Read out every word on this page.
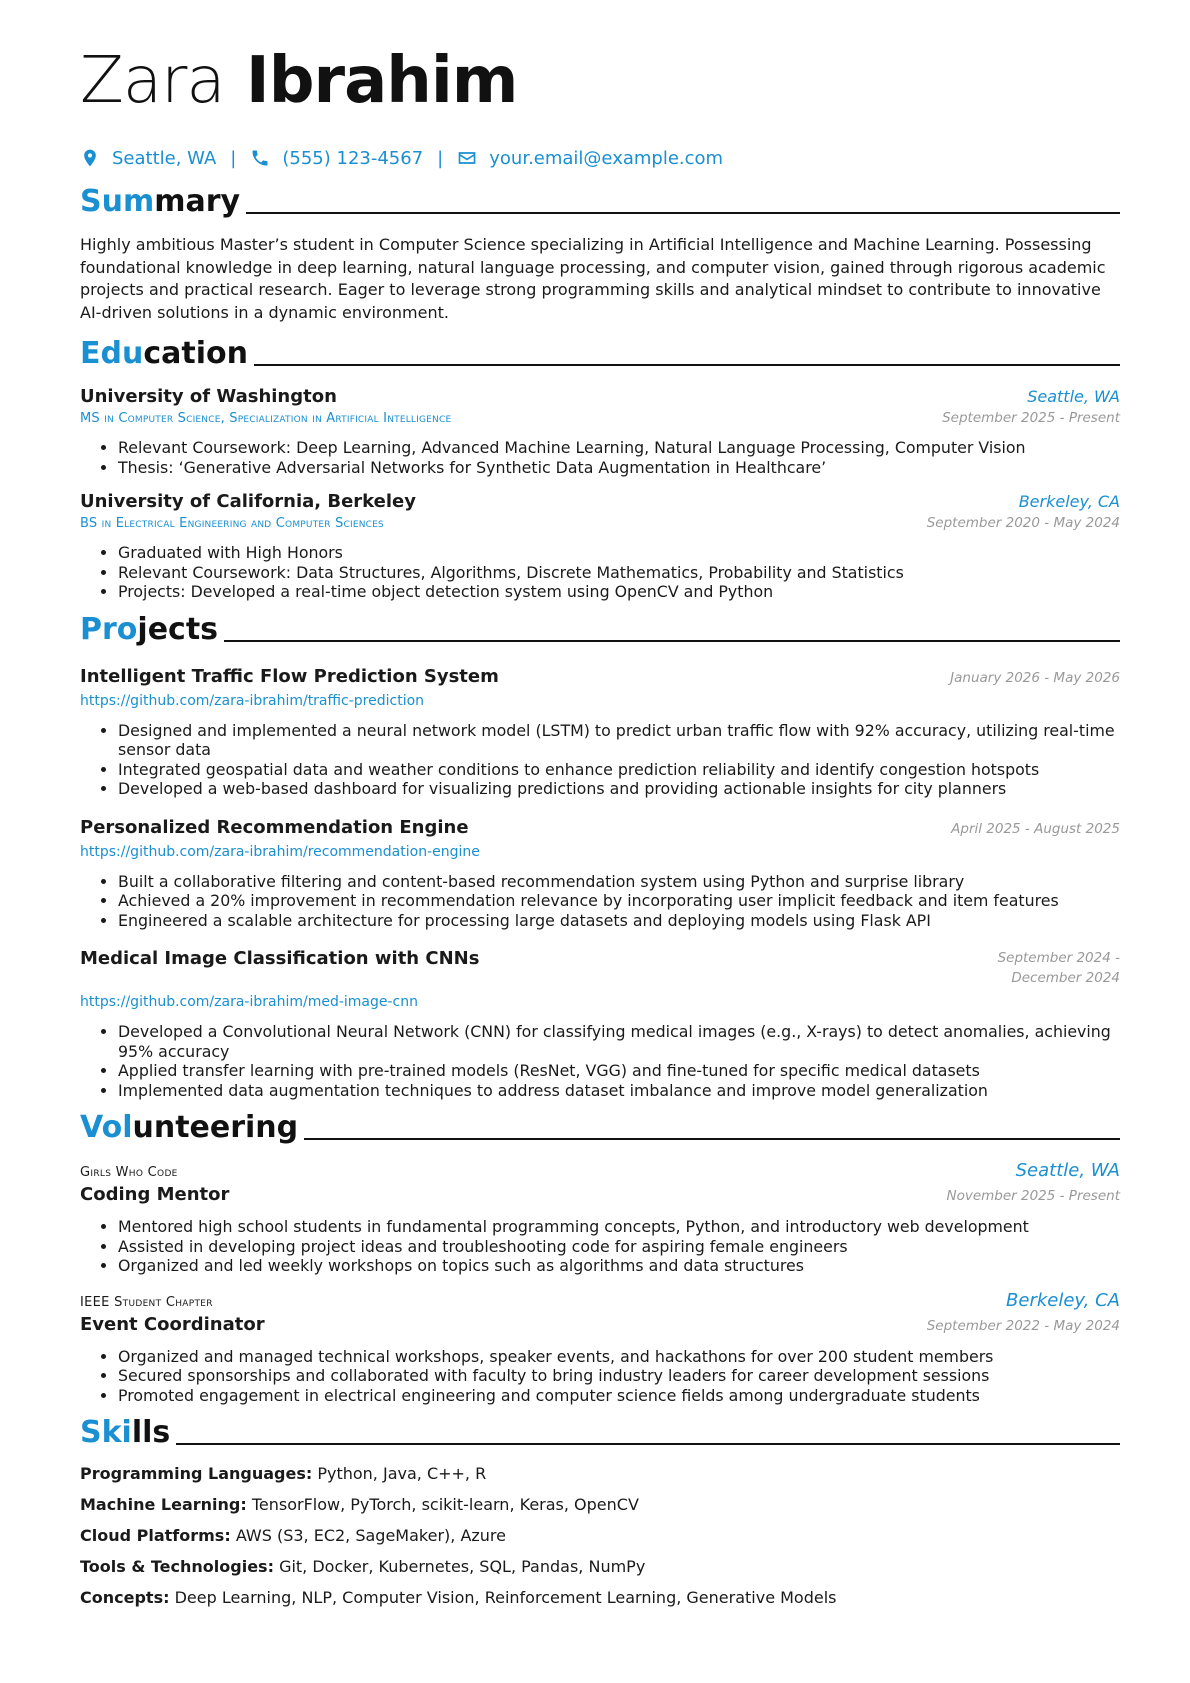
Zara Ibrahim
Seattle, WA |	(555) 123-4567 |	your.email@example.com
Summary
Highly ambitious Master’s student in Computer Science specializing in Artificial Intelligence and Machine Learning. Possessing foundational knowledge in deep learning, natural language processing, and computer vision, gained through rigorous academic projects and practical research. Eager to leverage strong programming skills and analytical mindset to contribute to innovative AI-driven solutions in a dynamic environment.
Education
University of Washington	Seattle, WA
MS in Computer Science, Specialization in Artificial Intelligence	September 2025 - Present
• Relevant Coursework: Deep Learning, Advanced Machine Learning, Natural Language Processing, Computer Vision
• Thesis: ‘Generative Adversarial Networks for Synthetic Data Augmentation in Healthcare’
University of California, Berkeley	Berkeley, CA
BS in Electrical Engineering and Computer Sciences	September 2020 - May 2024
• Graduated with High Honors
• Relevant Coursework: Data Structures, Algorithms, Discrete Mathematics, Probability and Statistics
• Projects: Developed a real-time object detection system using OpenCV and Python
Projects
Intelligent Traffic Flow Prediction System	January 2026 - May 2026
https://github.com/zara-ibrahim/traffic-prediction
• Designed and implemented a neural network model (LSTM) to predict urban traffic flow with 92% accuracy, utilizing real-time sensor data
• Integrated geospatial data and weather conditions to enhance prediction reliability and identify congestion hotspots
• Developed a web-based dashboard for visualizing predictions and providing actionable insights for city planners
Personalized Recommendation Engine	April 2025 - August 2025
https://github.com/zara-ibrahim/recommendation-engine
• Built a collaborative filtering and content-based recommendation system using Python and surprise library
• Achieved a 20% improvement in recommendation relevance by incorporating user implicit feedback and item features
• Engineered a scalable architecture for processing large datasets and deploying models using Flask API
Medical Image Classification with CNNs	September 2024 - December 2024
https://github.com/zara-ibrahim/med-image-cnn
• Developed a Convolutional Neural Network (CNN) for classifying medical images (e.g., X-rays) to detect anomalies, achieving 95% accuracy
• Applied transfer learning with pre-trained models (ResNet, VGG) and fine-tuned for specific medical datasets
• Implemented data augmentation techniques to address dataset imbalance and improve model generalization
Volunteering
Girls Who Code	Seattle, WA
Coding Mentor	November 2025 - Present
• Mentored high school students in fundamental programming concepts, Python, and introductory web development
• Assisted in developing project ideas and troubleshooting code for aspiring female engineers
• Organized and led weekly workshops on topics such as algorithms and data structures
IEEE Student Chapter	Berkeley, CA
Event Coordinator	September 2022 - May 2024
• Organized and managed technical workshops, speaker events, and hackathons for over 200 student members
• Secured sponsorships and collaborated with faculty to bring industry leaders for career development sessions
• Promoted engagement in electrical engineering and computer science fields among undergraduate students
Skills
Programming Languages: Python, Java, C++, R
Machine Learning: TensorFlow, PyTorch, scikit-learn, Keras, OpenCV
Cloud Platforms: AWS (S3, EC2, SageMaker), Azure
Tools & Technologies: Git, Docker, Kubernetes, SQL, Pandas, NumPy
Concepts: Deep Learning, NLP, Computer Vision, Reinforcement Learning, Generative Models
